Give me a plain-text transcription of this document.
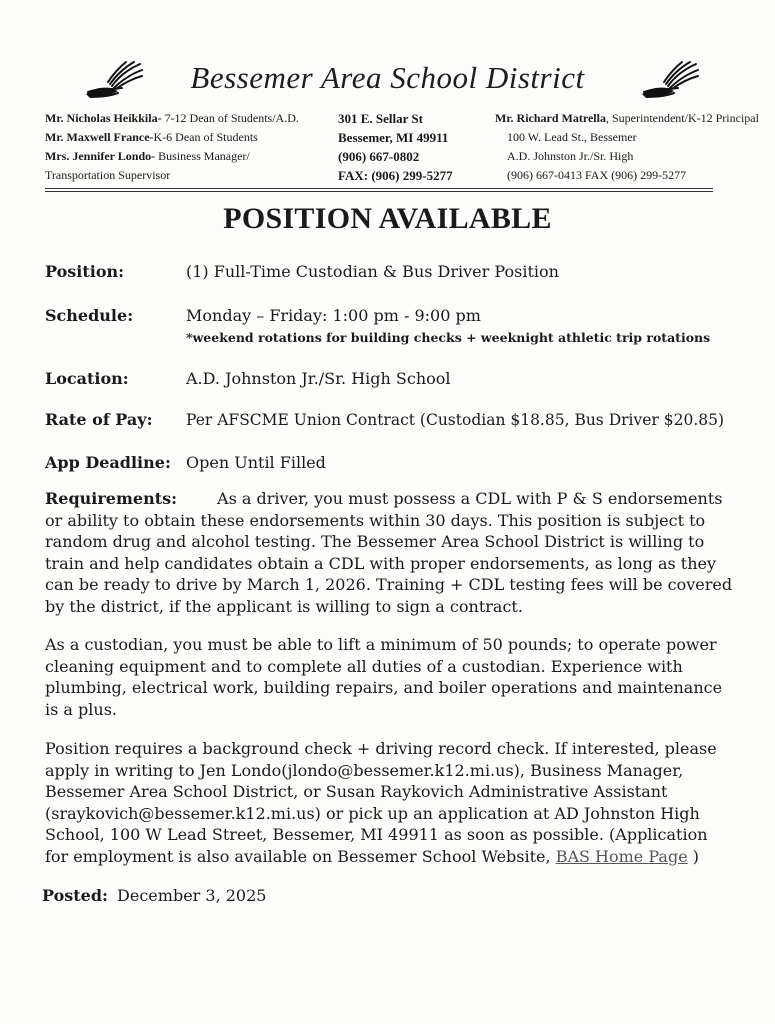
Bessemer Area School District
Mr. Nicholas Heikkila- 7-12 Dean of Students/A.D.
Mr. Maxwell France-K-6 Dean of Students
Mrs. Jennifer Londo- Business Manager/
Transportation Supervisor
301 E. Sellar St
Bessemer, MI 49911
(906) 667-0802
FAX: (906) 299-5277
Mr. Richard Matrella, Superintendent/K-12 Principal
100 W. Lead St., Bessemer
A.D. Johnston Jr./Sr. High
(906) 667-0413 FAX (906) 299-5277
POSITION AVAILABLE
Position:	(1) Full-Time Custodian & Bus Driver Position
Schedule:	Monday – Friday: 1:00 pm - 9:00 pm
*weekend rotations for building checks + weeknight athletic trip rotations
Location:	A.D. Johnston Jr./Sr. High School
Rate of Pay: Per AFSCME Union Contract (Custodian $18.85, Bus Driver $20.85)
App Deadline: Open Until Filled
Requirements:	As a driver, you must possess a CDL with P & S endorsements or ability to obtain these endorsements within 30 days. This position is subject to random drug and alcohol testing. The Bessemer Area School District is willing to train and help candidates obtain a CDL with proper endorsements, as long as they can be ready to drive by March 1, 2026. Training + CDL testing fees will be covered by the district, if the applicant is willing to sign a contract.
As a custodian, you must be able to lift a minimum of 50 pounds; to operate power cleaning equipment and to complete all duties of a custodian. Experience with plumbing, electrical work, building repairs, and boiler operations and maintenance is a plus.
Position requires a background check + driving record check. If interested, please apply in writing to Jen Londo(jlondo@bessemer.k12.mi.us), Business Manager, Bessemer Area School District, or Susan Raykovich Administrative Assistant (sraykovich@bessemer.k12.mi.us) or pick up an application at AD Johnston High School, 100 W Lead Street, Bessemer, MI 49911 as soon as possible. (Application for employment is also available on Bessemer School Website, BAS Home Page )
Posted: December 3, 2025
